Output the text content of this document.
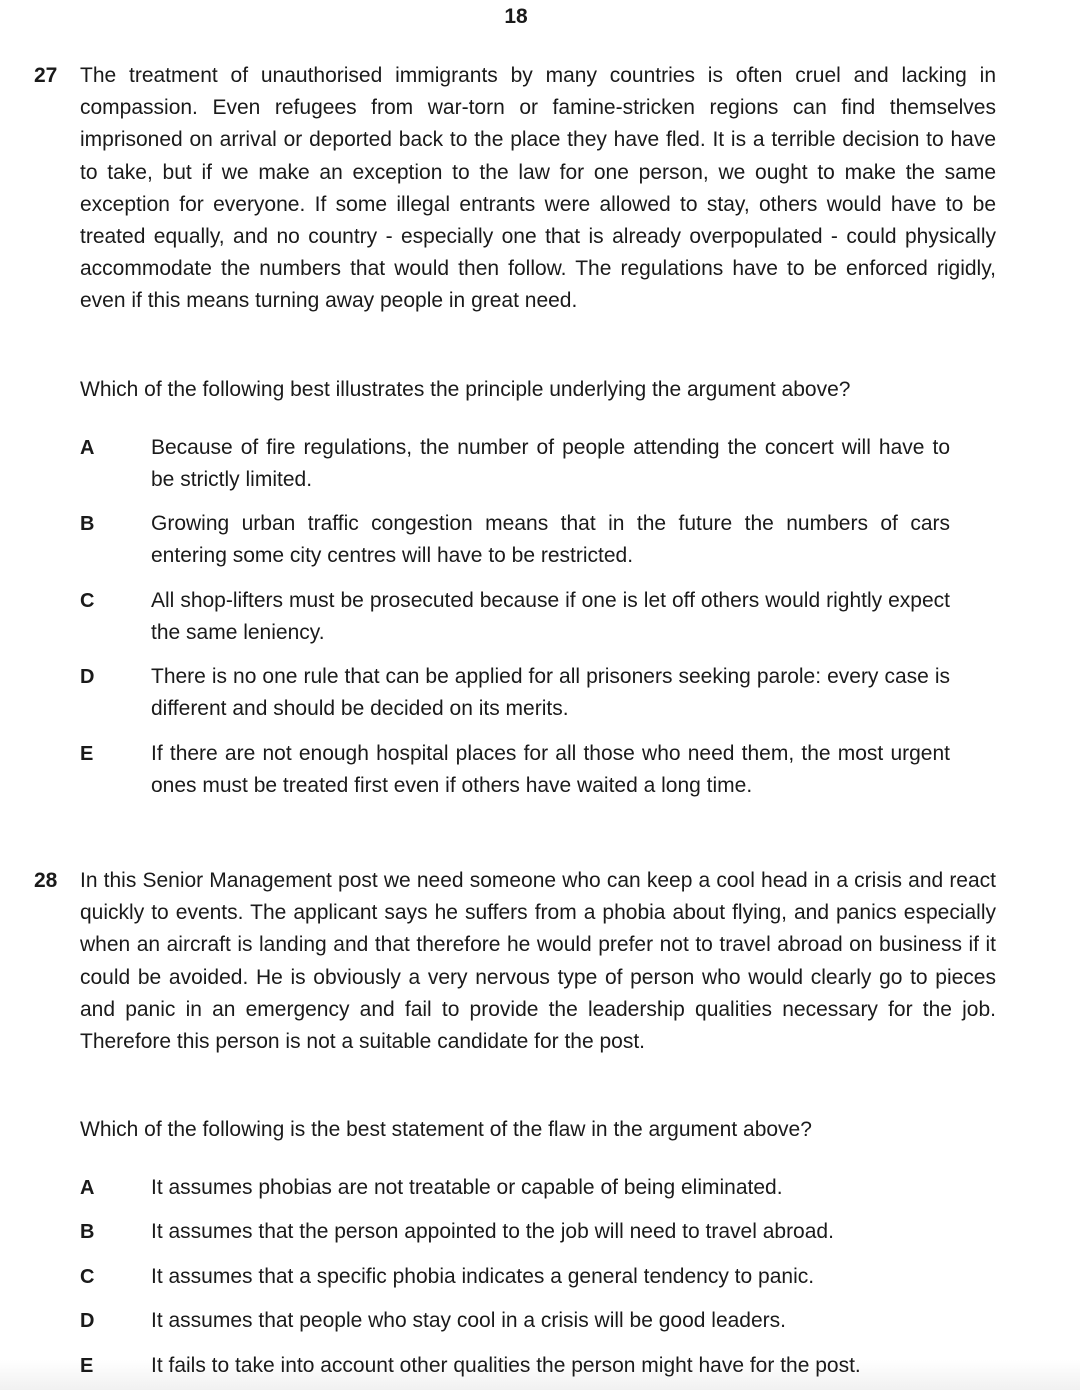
18
27 The treatment of unauthorised immigrants by many countries is often cruel and lacking in compassion. Even refugees from war-torn or famine-stricken regions can find themselves imprisoned on arrival or deported back to the place they have fled. It is a terrible decision to have to take, but if we make an exception to the law for one person, we ought to make the same exception for everyone. If some illegal entrants were allowed to stay, others would have to be treated equally, and no country - especially one that is already overpopulated - could physically accommodate the numbers that would then follow. The regulations have to be enforced rigidly, even if this means turning away people in great need.
Which of the following best illustrates the principle underlying the argument above?
A	Because of fire regulations, the number of people attending the concert will have to be strictly limited.
B	Growing urban traffic congestion means that in the future the numbers of cars entering some city centres will have to be restricted.
C	All shop-lifters must be prosecuted because if one is let off others would rightly expect the same leniency.
D	There is no one rule that can be applied for all prisoners seeking parole: every case is different and should be decided on its merits.
E	If there are not enough hospital places for all those who need them, the most urgent ones must be treated first even if others have waited a long time.
28 In this Senior Management post we need someone who can keep a cool head in a crisis and react quickly to events. The applicant says he suffers from a phobia about flying, and panics especially when an aircraft is landing and that therefore he would prefer not to travel abroad on business if it could be avoided. He is obviously a very nervous type of person who would clearly go to pieces and panic in an emergency and fail to provide the leadership qualities necessary for the job. Therefore this person is not a suitable candidate for the post.
Which of the following is the best statement of the flaw in the argument above?
A	It assumes phobias are not treatable or capable of being eliminated.
B	It assumes that the person appointed to the job will need to travel abroad.
C	It assumes that a specific phobia indicates a general tendency to panic.
D	It assumes that people who stay cool in a crisis will be good leaders.
E	It fails to take into account other qualities the person might have for the post.
